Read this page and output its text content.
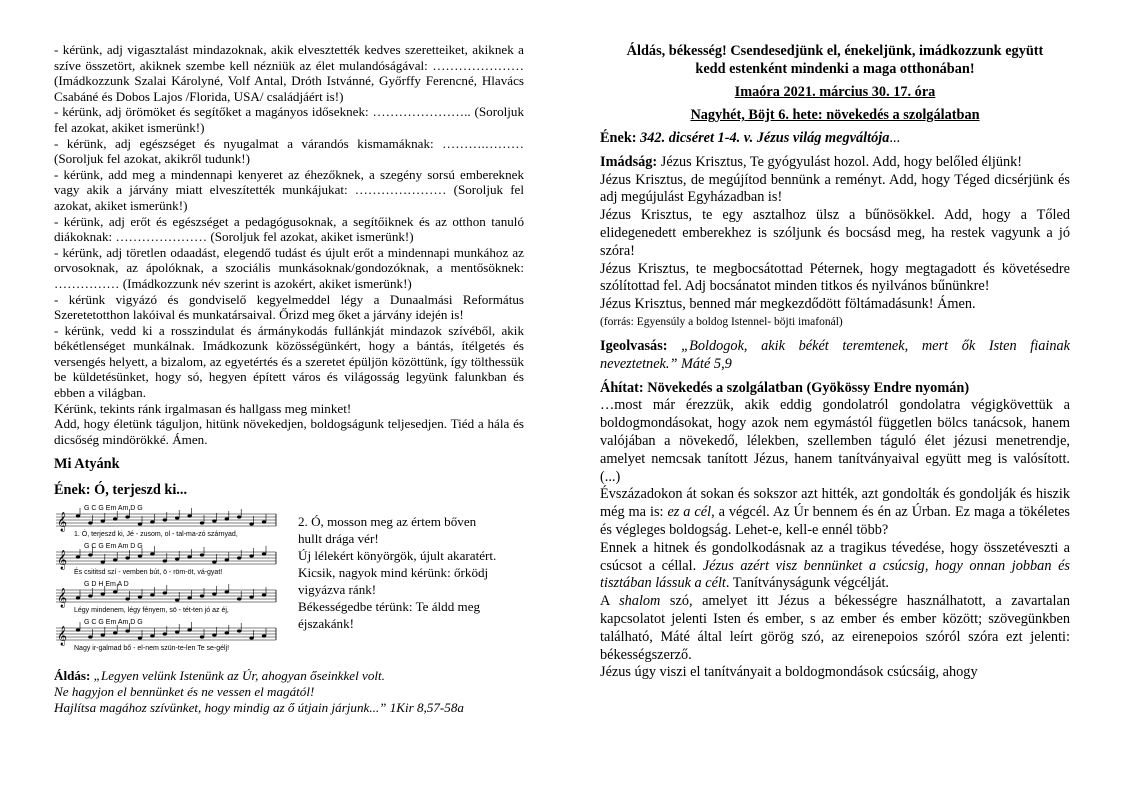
- kérünk, adj vigasztalást mindazoknak, akik elvesztették kedves szeretteiket, akiknek a szíve összetört, akiknek szembe kell nézniük az élet mulandóságával: ………………… (Imádkozzunk Szalai Károlyné, Volf Antal, Dróth Istvánné, Győrffy Ferencné, Hlavács Csabáné és Dobos Lajos /Florida, USA/ családjáért is!)

- kérünk, adj örömöket és segítőket a magányos időseknek: ………………….. (Soroljuk fel azokat, akiket ismerünk!)

- kérünk, adj egészséget és nyugalmat a várandós kismamáknak: ……….……… (Soroljuk fel azokat, akikről tudunk!)

- kérünk, add meg a mindennapi kenyeret az éhezőknek, a szegény sorsú embereknek vagy akik a járvány miatt elveszítették munkájukat: ………………… (Soroljuk fel azokat, akiket ismerünk!)

- kérünk, adj erőt és egészséget a pedagógusoknak, a segítőiknek és az otthon tanuló diákoknak: ………………… (Soroljuk fel azokat, akiket ismerünk!)

- kérünk, adj töretlen odaadást, elegendő tudást és újult erőt a mindennapi munkához az orvosoknak, az ápolóknak, a szociális munkásoknak/gondozóknak, a mentősöknek: …………… (Imádkozzunk név szerint is azokért, akiket ismerünk!)

- kérünk vigyázó és gondviselő kegyelmeddel légy a Dunaalmási Református Szeretetotthon lakóival és munkatársaival. Őrizd meg őket a járvány idején is!

- kérünk, vedd ki a rosszindulat és ármánykodás fullánkját mindazok szívéből, akik békétlenséget munkálnak. Imádkozunk közösségünkért, hogy a bántás, ítélgetés és versengés helyett, a bizalom, az egyetértés és a szeretet épüljön közöttünk, így tölthessük be küldetésünket, hogy só, hegyen épített város és világosság legyünk falunkban és ebben a világban.

Kérünk, tekints ránk irgalmasan és hallgass meg minket!

Add, hogy életünk táguljon, hitünk növekedjen, boldogságunk teljesedjen. Tiéd a hála és dicsőség mindörökké. Ámen.

Mi Atyánk

Ének: Ó, terjeszd ki...

G C G Em Am D G
𝄞
1. Ó, terjeszd ki, Jé - zusom, ol - tal-ma-zó szárnyad,
G C G Em Am D G
𝄞
És csititsd szí - vemben bút, ö - röm-öt, vá-gyat!
G D H Em A D
𝄞
Légy mindenem, légy fényem, sö - tét-ten jó az éj,
G C G Em Am D G
𝄞
Nagy ir-galmad bő - el-nem szün-te-len Te se-gélj!
2. Ó, mosson meg az értem bőven
hullt drága vér!
Új lélekért könyörgök, újult akaratért.
Kicsik, nagyok mind kérünk: őrködj
vigyázva ránk!
Békességedbe térünk: Te áldd meg
éjszakánk!
Áldás: „Legyen velünk Istenünk az Úr, ahogyan őseinkkel volt.
Ne hagyjon el bennünket és ne vessen el magától!
Hajlítsa magához szívünket, hogy mindig az ő útjain járjunk...” 1Kir 8,57-58a

Áldás, békesség! Csendesedjünk el, énekeljünk, imádkozzunk együtt

kedd estenként mindenki a maga otthonában!

Imaóra 2021. március 30. 17. óra

Nagyhét, Böjt 6. hete: növekedés a szolgálatban

Ének: 342. dicséret 1-4. v. Jézus világ megváltója...

Imádság: Jézus Krisztus, Te gyógyulást hozol. Add, hogy belőled éljünk!

Jézus Krisztus, de megújítod bennünk a reményt. Add, hogy Téged dicsérjünk és adj megújulást Egyházadban is!

Jézus Krisztus, te egy asztalhoz ülsz a bűnösökkel. Add, hogy a Tőled elidegenedett emberekhez is szóljunk és bocsásd meg, ha restek vagyunk a jó szóra!

Jézus Krisztus, te megbocsátottad Péternek, hogy megtagadott és követésedre szólítottad fel. Adj bocsánatot minden titkos és nyilvános bűnünkre!

Jézus Krisztus, benned már megkezdődött föltámadásunk! Ámen.

(forrás: Egyensúly a boldog Istennel- böjti imafonál)

Igeolvasás: „Boldogok, akik békét teremtenek, mert ők Isten fiainak neveztetnek.” Máté 5,9

Áhítat: Növekedés a szolgálatban (Gyökössy Endre nyomán)

…most már érezzük, akik eddig gondolatról gondolatra végigkövettük a boldogmondásokat, hogy azok nem egymástól független bölcs tanácsok, hanem valójában a növekedő, lélekben, szellemben táguló élet jézusi menetrendje, amelyet nemcsak tanított Jézus, hanem tanítványaival együtt meg is valósított. (...)

Évszázadokon át sokan és sokszor azt hitték, azt gondolták és gondolják és hiszik még ma is: ez a cél, a végcél. Az Úr bennem és én az Úrban. Ez maga a tökéletes és végleges boldogság. Lehet-e, kell-e ennél több?

Ennek a hitnek és gondolkodásnak az a tragikus tévedése, hogy összetéveszti a csúcsot a céllal. Jézus azért visz bennünket a csúcsig, hogy onnan jobban és tisztában lássuk a célt. Tanítványságunk végcélját.

A shalom szó, amelyet itt Jézus a békességre használhatott, a zavartalan kapcsolatot jelenti Isten és ember, s az ember és ember között; szövegünkben található, Máté által leírt görög szó, az eirenepoios szóról szóra ezt jelenti: békességszerző.

Jézus úgy viszi el tanítványait a boldogmondások csúcsáig, ahogy
